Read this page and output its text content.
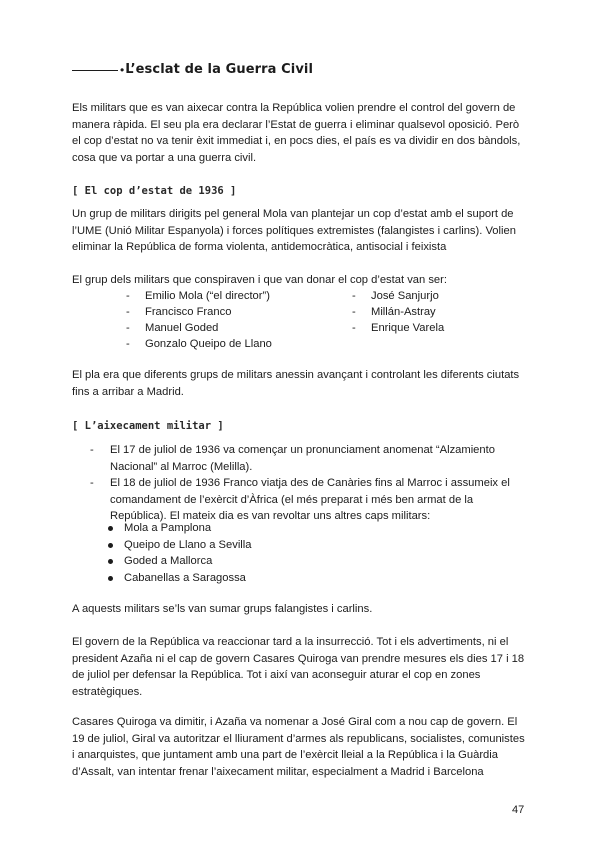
• L’esclat de la Guerra Civil

Els militars que es van aixecar contra la República volien prendre el control del govern de manera ràpida. El seu pla era declarar l’Estat de guerra i eliminar qualsevol oposició. Però el cop d’estat no va tenir èxit immediat i, en pocs dies, el país es va dividir en dos bàndols, cosa que va portar a una guerra civil.

[ El cop d’estat de 1936 ]

Un grup de militars dirigits pel general Mola van plantejar un cop d’estat amb el suport de l’UME (Unió Militar Espanyola) i forces polítiques extremistes (falangistes i carlins). Volien eliminar la República de forma violenta, antidemocràtica, antisocial i feixista

El grup dels militars que conspiraven i que van donar el cop d’estat van ser:

- Emilio Mola (“el director”)
- Francisco Franco
- Manuel Goded
- Gonzalo Queipo de Llano
- José Sanjurjo
- Millán-Astray
- Enrique Varela

El pla era que diferents grups de militars anessin avançant i controlant les diferents ciutats fins a arribar a Madrid.

[ L’aixecament militar ]
- El 17 de juliol de 1936 va començar un pronunciament anomenat “Alzamiento Nacional” al Marroc (Melilla).
- El 18 de juliol de 1936 Franco viatja des de Canàries fins al Marroc i assumeix el comandament de l’exèrcit d’Àfrica (el més preparat i més ben armat de la República). El mateix dia es van revoltar uns altres caps militars:
Mola a Pamplona
Queipo de Llano a Sevilla
Goded a Mallorca
Cabanellas a Saragossa

A aquests militars se’ls van sumar grups falangistes i carlins.

El govern de la República va reaccionar tard a la insurrecció. Tot i els advertiments, ni el president Azaña ni el cap de govern Casares Quiroga van prendre mesures els dies 17 i 18 de juliol per defensar la República. Tot i així van aconseguir aturar el cop en zones estratègiques.

Casares Quiroga va dimitir, i Azaña va nomenar a José Giral com a nou cap de govern. El 19 de juliol, Giral va autoritzar el lliurament d’armes als republicans, socialistes, comunistes i anarquistes, que juntament amb una part de l’exèrcit lleial a la República i la Guàrdia d’Assalt, van intentar frenar l’aixecament militar, especialment a Madrid i Barcelona

47
